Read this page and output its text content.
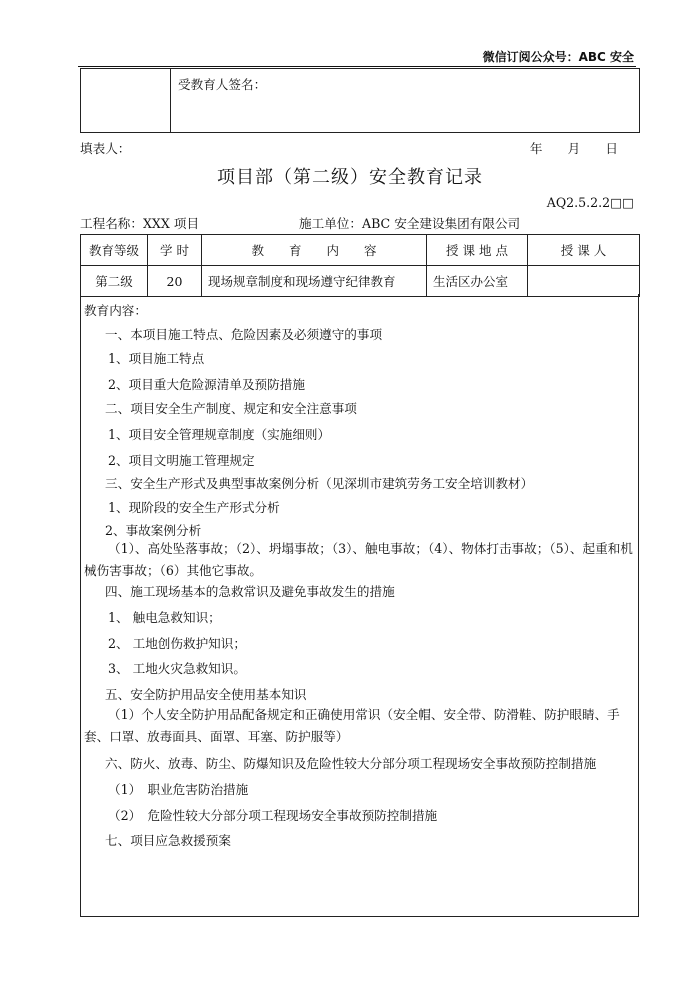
微信订阅公众号：ABC 安全
受教育人签名：
填表人：	年　　月　　日
项目部（第二级）安全教育记录
AQ2.5.2.2□□
工程名称：XXX 项目	施工单位：ABC 安全建设集团有限公司
教育等级	学 时	教　　育　　内　　容	授 课 地 点	授 课 人
第二级	20	现场规章制度和现场遵守纪律教育	生活区办公室	
教育内容：
一、本项目施工特点、危险因素及必须遵守的事项
1、项目施工特点
2、项目重大危险源清单及预防措施
二、项目安全生产制度、规定和安全注意事项
1、项目安全管理规章制度（实施细则）
2、项目文明施工管理规定
三、安全生产形式及典型事故案例分析（见深圳市建筑劳务工安全培训教材）
1、现阶段的安全生产形式分析
2、事故案例分析
（1）、高处坠落事故；（2）、坍塌事故；（3）、触电事故；（4）、物体打击事故；（5）、起重和机械伤害事故；（6）其他它事故。
四、施工现场基本的急救常识及避免事故发生的措施
1、 触电急救知识；
2、 工地创伤救护知识；
3、 工地火灾急救知识。
五、安全防护用品安全使用基本知识
（1）个人安全防护用品配备规定和正确使用常识（安全帽、安全带、防滑鞋、防护眼睛、手套、口罩、放毒面具、面罩、耳塞、防护服等）
六、防火、放毒、防尘、防爆知识及危险性较大分部分项工程现场安全事故预防控制措施
（1）　职业危害防治措施
（2）　危险性较大分部分项工程现场安全事故预防控制措施
七、项目应急救援预案
